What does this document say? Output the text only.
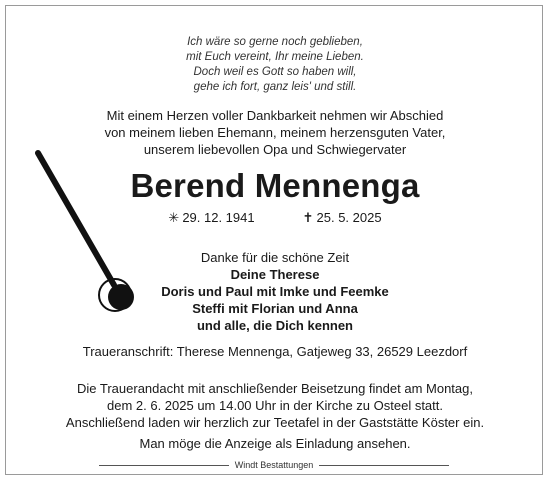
Ich wäre so gerne noch geblieben,
mit Euch vereint, Ihr meine Lieben.
Doch weil es Gott so haben will,
gehe ich fort, ganz leis' und still.
Mit einem Herzen voller Dankbarkeit nehmen wir Abschied
von meinem lieben Ehemann, meinem herzensguten Vater,
unserem liebevollen Opa und Schwiegervater
Berend Mennenga
✳ 29. 12. 1941	✝ 25. 5. 2025
Danke für die schöne Zeit
Deine Therese
Doris und Paul mit Imke und Feemke
Steffi mit Florian und Anna
und alle, die Dich kennen
Traueranschrift: Therese Mennenga, Gatjeweg 33, 26529 Leezdorf
Die Trauerandacht mit anschließender Beisetzung findet am Montag,
dem 2. 6. 2025 um 14.00 Uhr in der Kirche zu Osteel statt.
Anschließend laden wir herzlich zur Teetafel in der Gaststätte Köster ein.
Man möge die Anzeige als Einladung ansehen.
Windt Bestattungen
